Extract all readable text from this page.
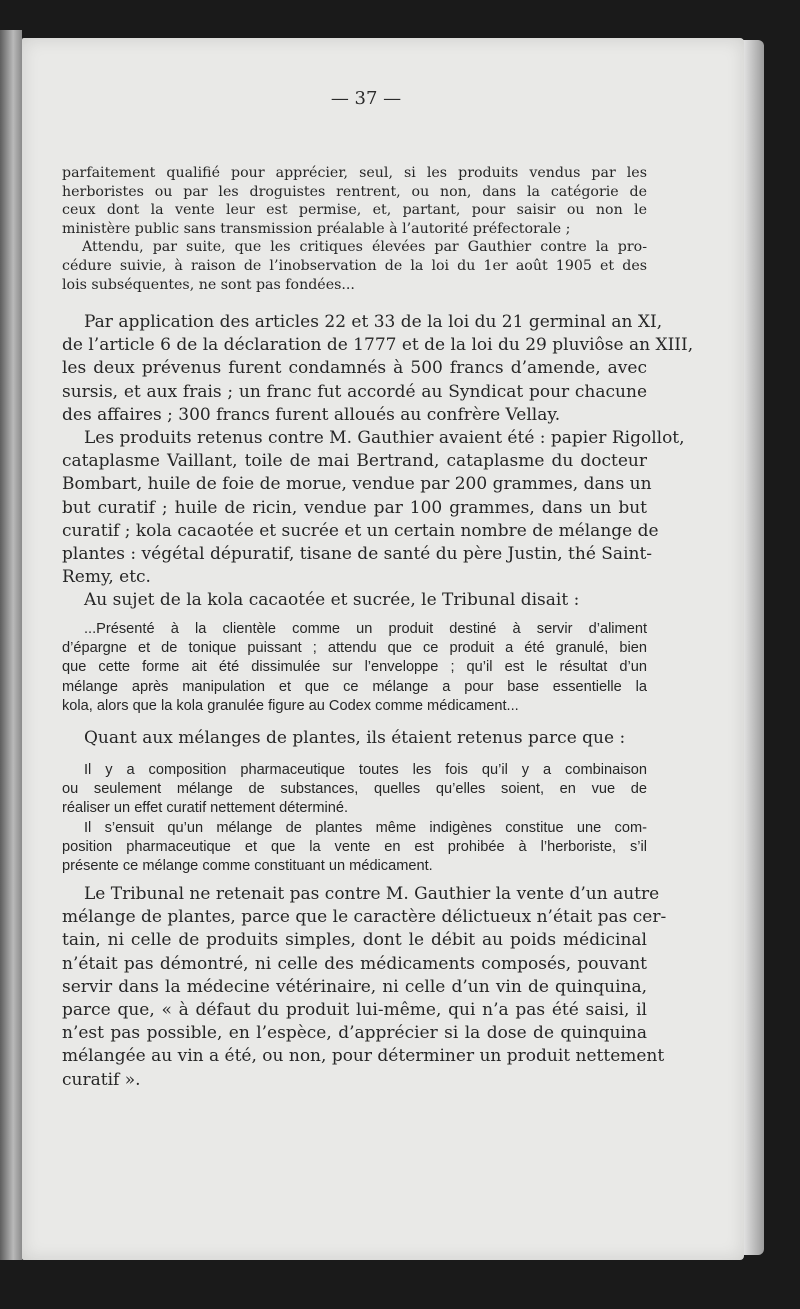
— 37 —
parfaitement qualifié pour apprécier, seul, si les produits vendus par les
herboristes ou par les droguistes rentrent, ou non, dans la catégorie de
ceux dont la vente leur est permise, et, partant, pour saisir ou non le
ministère public sans transmission préalable à l’autorité préfectorale ;
Attendu, par suite, que les critiques élevées par Gauthier contre la pro-
cédure suivie, à raison de l’inobservation de la loi du 1er août 1905 et des
lois subséquentes, ne sont pas fondées...
Par application des articles 22 et 33 de la loi du 21 germinal an XI,
de l’article 6 de la déclaration de 1777 et de la loi du 29 pluviôse an XIII,
les deux prévenus furent condamnés à 500 francs d’amende, avec
sursis, et aux frais ; un franc fut accordé au Syndicat pour chacune
des affaires ; 300 francs furent alloués au confrère Vellay.
Les produits retenus contre M. Gauthier avaient été : papier Rigollot,
cataplasme Vaillant, toile de mai Bertrand, cataplasme du docteur
Bombart, huile de foie de morue, vendue par 200 grammes, dans un
but curatif ; huile de ricin, vendue par 100 grammes, dans un but
curatif ; kola cacaotée et sucrée et un certain nombre de mélange de
plantes : végétal dépuratif, tisane de santé du père Justin, thé Saint-
Remy, etc.
Au sujet de la kola cacaotée et sucrée, le Tribunal disait :
...Présenté à la clientèle comme un produit destiné à servir d’aliment
d’épargne et de tonique puissant ; attendu que ce produit a été granulé, bien
que cette forme ait été dissimulée sur l’enveloppe ; qu’il est le résultat d’un
mélange après manipulation et que ce mélange a pour base essentielle la
kola, alors que la kola granulée figure au Codex comme médicament...
Quant aux mélanges de plantes, ils étaient retenus parce que :
Il y a composition pharmaceutique toutes les fois qu’il y a combinaison
ou seulement mélange de substances, quelles qu’elles soient, en vue de
réaliser un effet curatif nettement déterminé.
Il s’ensuit qu’un mélange de plantes même indigènes constitue une com-
position pharmaceutique et que la vente en est prohibée à l’herboriste, s’il
présente ce mélange comme constituant un médicament.
Le Tribunal ne retenait pas contre M. Gauthier la vente d’un autre
mélange de plantes, parce que le caractère délictueux n’était pas cer-
tain, ni celle de produits simples, dont le débit au poids médicinal
n’était pas démontré, ni celle des médicaments composés, pouvant
servir dans la médecine vétérinaire, ni celle d’un vin de quinquina,
parce que, « à défaut du produit lui-même, qui n’a pas été saisi, il
n’est pas possible, en l’espèce, d’apprécier si la dose de quinquina
mélangée au vin a été, ou non, pour déterminer un produit nettement
curatif ».
